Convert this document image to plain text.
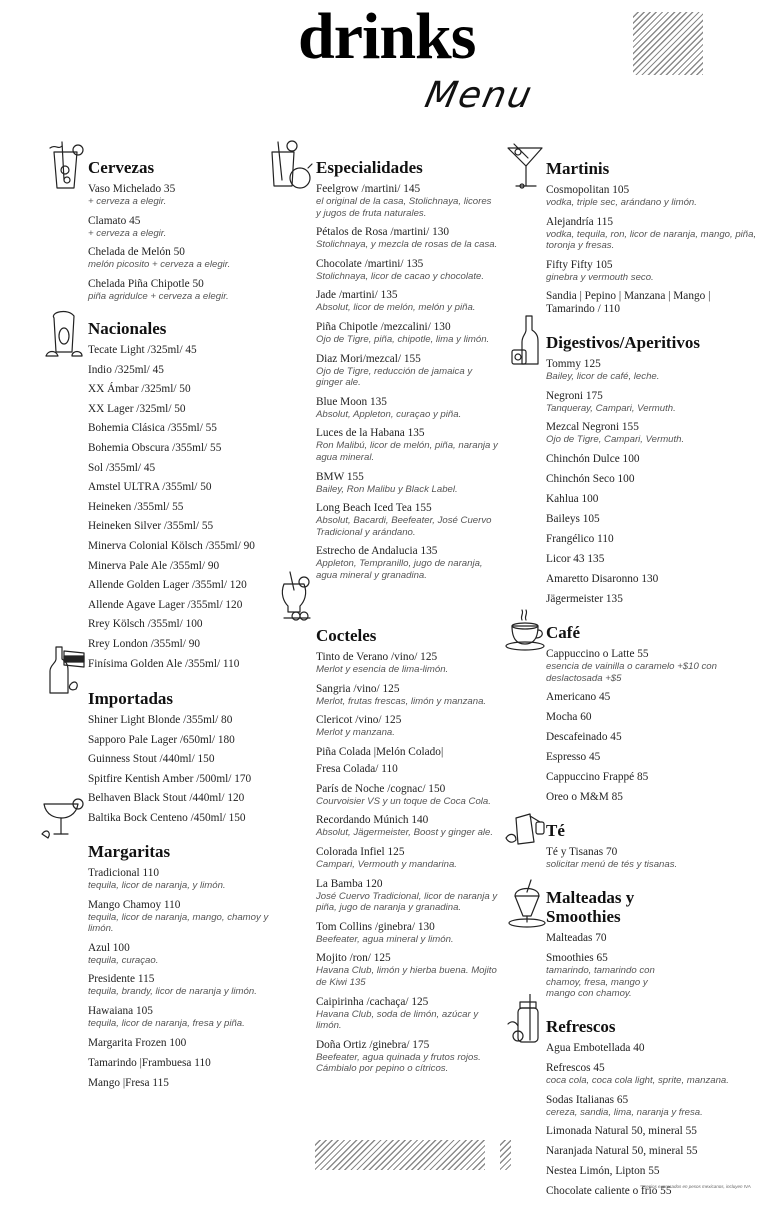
drinks
Menu
Cervezas
Vaso Michelado 35
+ cerveza a elegir.
Clamato 45
+ cerveza a elegir.
Chelada de Melón 50
melón picosito + cerveza a elegir.
Chelada Piña Chipotle 50
piña agridulce + cerveza a elegir.
Nacionales
Tecate Light /325ml/ 45
Indio /325ml/ 45
XX Ámbar /325ml/ 50
XX Lager /325ml/ 50
Bohemia Clásica /355ml/ 55
Bohemia Obscura /355ml/ 55
Sol /355ml/ 45
Amstel ULTRA /355ml/ 50
Heineken /355ml/ 55
Heineken Silver /355ml/ 55
Minerva Colonial Kölsch /355ml/ 90
Minerva Pale Ale /355ml/ 90
Allende Golden Lager /355ml/ 120
Allende Agave Lager /355ml/ 120
Rrey Kölsch /355ml/ 100
Rrey London /355ml/ 90
Finísima Golden Ale /355ml/ 110
Importadas
Shiner Light Blonde /355ml/ 80
Sapporo Pale Lager /650ml/ 180
Guinness Stout /440ml/ 150
Spitfire Kentish Amber /500ml/ 170
Belhaven Black Stout /440ml/ 120
Baltika Bock Centeno /450ml/ 150
Margaritas
Tradicional 110
tequila, licor de naranja, y limón.
Mango Chamoy 110
tequila, licor de naranja, mango, chamoy y limón.
Azul 100
tequila, curaçao.
Presidente 115
tequila, brandy, licor de naranja y limón.
Hawaiana 105
tequila, licor de naranja, fresa y piña.
Margarita Frozen 100
Tamarindo |Frambuesa 110
Mango |Fresa 115
Especialidades
Feelgrow /martini/ 145
el original de la casa, Stolichnaya, licores y jugos de fruta naturales.
Pétalos de Rosa /martini/ 130
Stolichnaya, y mezcla de rosas de la casa.
Chocolate /martini/ 135
Stolichnaya, licor de cacao y chocolate.
Jade /martini/ 135
Absolut, licor de melón, melón y piña.
Piña Chipotle /mezcalini/ 130
Ojo de Tigre, piña, chipotle, lima y limón.
Diaz Mori/mezcal/ 155
Ojo de Tigre, reducción de jamaica y ginger ale.
Blue Moon 135
Absolut, Appleton, curaçao y piña.
Luces de la Habana 135
Ron Malibú, licor de melón, piña, naranja y agua mineral.
BMW 155
Bailey, Ron Malibu y Black Label.
Long Beach Iced Tea 155
Absolut, Bacardi, Beefeater, José Cuervo Tradicional y arándano.
Estrecho de Andalucia 135
Appleton, Tempranillo, jugo de naranja, agua mineral y granadina.
Cocteles
Tinto de Verano /vino/ 125
Merlot y esencia de lima-limón.
Sangria /vino/ 125
Merlot, frutas frescas, limón y manzana.
Clericot /vino/ 125
Merlot y manzana.
Piña Colada |Melón Colado|
Fresa Colada/ 110
París de Noche /cognac/ 150
Courvoisier VS y un toque de Coca Cola.
Recordando Múnich 140
Absolut, Jägermeister, Boost y ginger ale.
Colorada Infiel 125
Campari, Vermouth y mandarina.
La Bamba 120
José Cuervo Tradicional, licor de naranja y piña, jugo de naranja y granadina.
Tom Collins /ginebra/ 130
Beefeater, agua mineral y limón.
Mojito /ron/ 125
Havana Club, limón y hierba buena. Mojito de Kiwi 135
Caipirinha /cachaça/ 125
Havana Club, soda de limón, azúcar y limón.
Doña Ortiz /ginebra/ 175
Beefeater, agua quinada y frutos rojos. Cámbialo por pepino o cítricos.
Martinis
Cosmopolitan 105
vodka, triple sec, arándano y limón.
Alejandría 115
vodka, tequila, ron, licor de naranja, mango, piña, toronja y fresas.
Fifty Fifty 105
ginebra y vermouth seco.
Sandia | Pepino | Manzana | Mango | Tamarindo / 110
Digestivos/Aperitivos
Tommy 125
Bailey, licor de café, leche.
Negroni 175
Tanqueray, Campari, Vermuth.
Mezcal Negroni 155
Ojo de Tigre, Campari, Vermuth.
Chinchón Dulce 100
Chinchón Seco 100
Kahlua 100
Baileys 105
Frangélico 110
Licor 43 135
Amaretto Disaronno 130
Jägermeister 135
Café
Cappuccino o Latte 55
esencia de vainilla o caramelo +$10 con deslactosada +$5
Americano 45
Mocha 60
Descafeinado 45
Espresso 45
Cappuccino Frappé 85
Oreo o M&M 85
Té
Té y Tisanas 70
solicitar menú de tés y tisanas.
Malteadas y Smoothies
Malteadas 70
Smoothies 65
tamarindo, tamarindo con chamoy, fresa, mango y mango con chamoy.
Refrescos
Agua Embotellada 40
Refrescos 45
coca cola, coca cola light, sprite, manzana.
Sodas Italianas 65
cereza, sandia, lima, naranja y fresa.
Limonada Natural 50, mineral 55
Naranjada Natural 50, mineral 55
Nestea Limón, Lipton 55
Chocolate caliente o frio 55
*Precios expresados en pesos mexicanos, incluyen IVA
